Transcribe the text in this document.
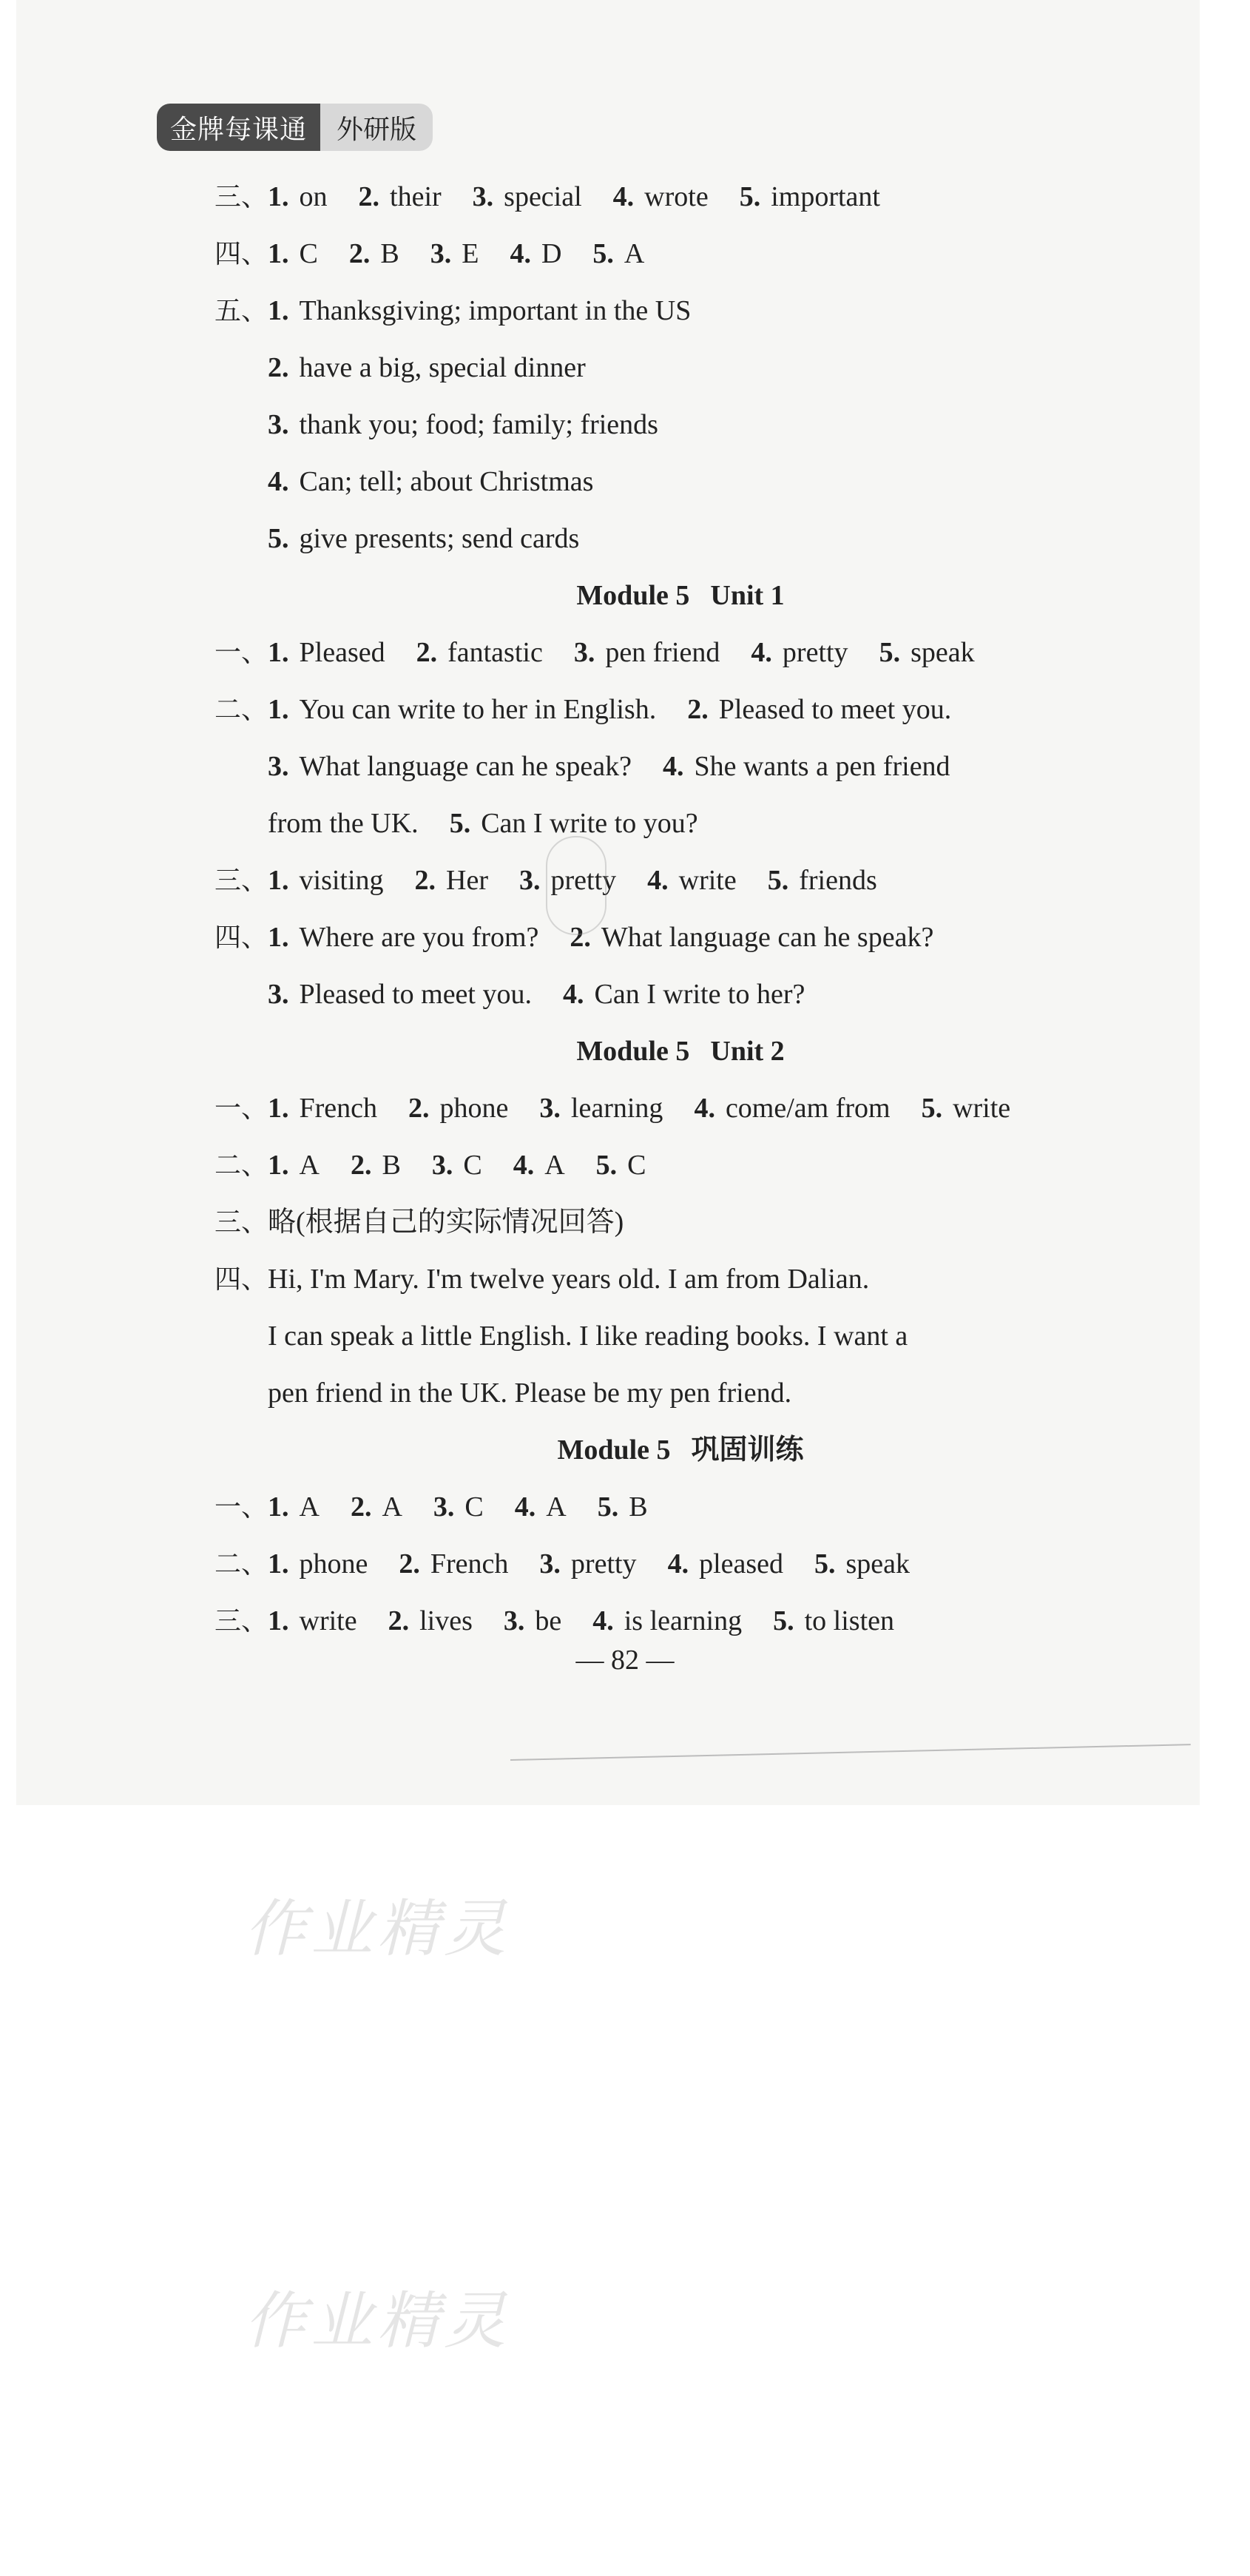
金牌每课通	外研版
三、1. on 2. their 3. special 4. wrote 5. important
四、1. C 2. B 3. E 4. D 5. A
五、1. Thanksgiving; important in the US
2. have a big, special dinner
3. thank you; food; family; friends
4. Can; tell; about Christmas
5. give presents; send cards
Module 5 Unit 1
一、1. Pleased 2. fantastic 3. pen friend 4. pretty 5. speak
二、1. You can write to her in English. 2. Pleased to meet you.
3. What language can he speak? 4. She wants a pen friend
from the UK. 5. Can I write to you?
三、1. visiting 2. Her 3. pretty 4. write 5. friends
四、1. Where are you from? 2. What language can he speak?
3. Pleased to meet you. 4. Can I write to her?
Module 5 Unit 2
一、1. French 2. phone 3. learning 4. come/am from 5. write
二、1. A 2. B 3. C 4. A 5. C
三、略(根据自己的实际情况回答)
四、Hi, I'm Mary. I'm twelve years old. I am from Dalian.
I can speak a little English. I like reading books. I want a
pen friend in the UK. Please be my pen friend.
Module 5 巩固训练
一、1. A 2. A 3. C 4. A 5. B
二、1. phone 2. French 3. pretty 4. pleased 5. speak
三、1. write 2. lives 3. be 4. is learning 5. to listen
— 82 —
作业精灵
作业精灵
